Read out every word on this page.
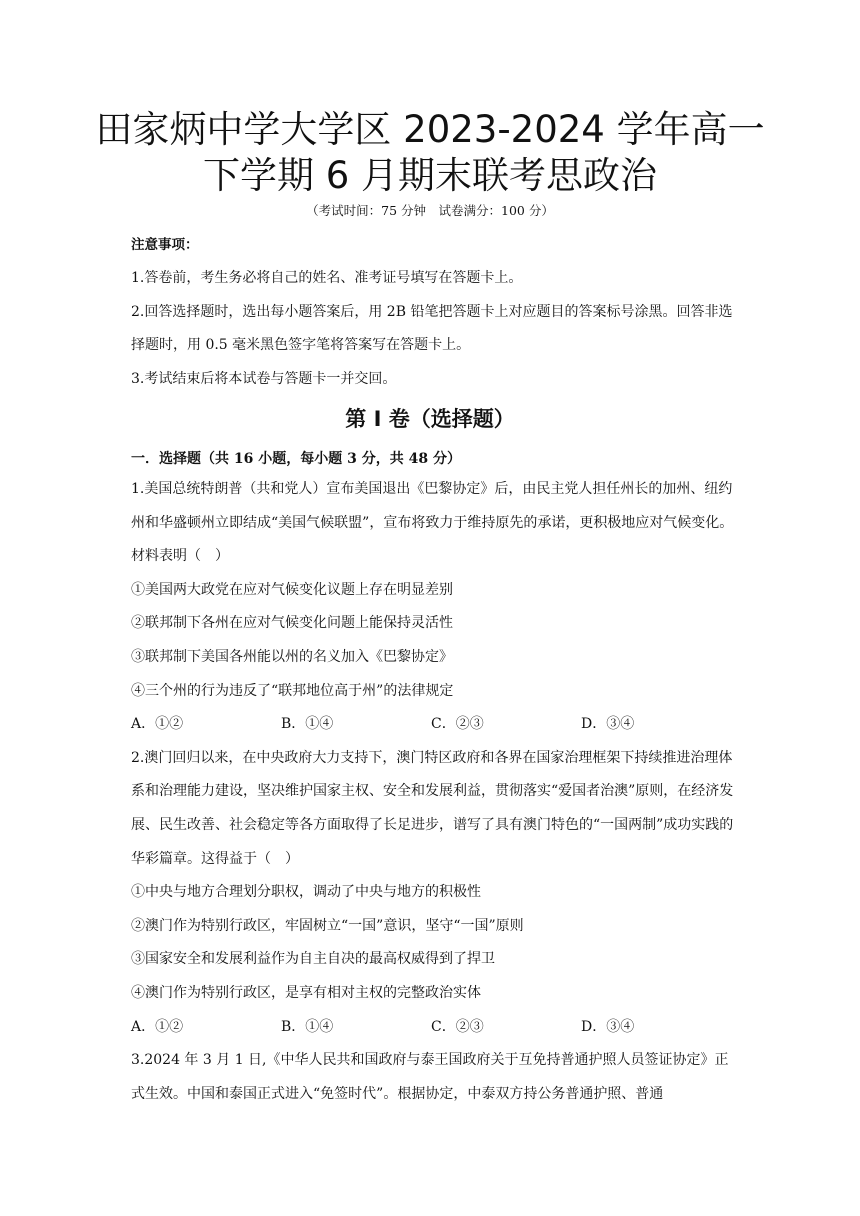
田家炳中学大学区 2023-2024 学年高一
下学期 6 月期末联考思政治
（考试时间：75 分钟　试卷满分：100 分）
注意事项：

1.答卷前，考生务必将自己的姓名、准考证号填写在答题卡上。

2.回答选择题时，选出每小题答案后，用 2B 铅笔把答题卡上对应题目的答案标号涂黑。回答非选择题时，用 0.5 毫米黑色签字笔将答案写在答题卡上。

3.考试结束后将本试卷与答题卡一并交回。

第 I 卷（选择题）
一．选择题（共 16 小题，每小题 3 分，共 48 分）

1.美国总统特朗普（共和党人）宣布美国退出《巴黎协定》后，由民主党人担任州长的加州、纽约州和华盛顿州立即结成“美国气候联盟”，宣布将致力于维持原先的承诺，更积极地应对气候变化。材料表明（　）

①美国两大政党在应对气候变化议题上存在明显差别

②联邦制下各州在应对气候变化问题上能保持灵活性

③联邦制下美国各州能以州的名义加入《巴黎协定》

④三个州的行为违反了“联邦地位高于州”的法律规定

A．①②	B．①④	C．②③	D．③④

2.澳门回归以来，在中央政府大力支持下，澳门特区政府和各界在国家治理框架下持续推进治理体系和治理能力建设，坚决维护国家主权、安全和发展利益，贯彻落实“爱国者治澳”原则，在经济发展、民生改善、社会稳定等各方面取得了长足进步，谱写了具有澳门特色的“一国两制”成功实践的华彩篇章。这得益于（　）

①中央与地方合理划分职权，调动了中央与地方的积极性

②澳门作为特别行政区，牢固树立“一国”意识，坚守“一国”原则

③国家安全和发展利益作为自主自决的最高权威得到了捍卫

④澳门作为特别行政区，是享有相对主权的完整政治实体

A．①②	B．①④	C．②③	D．③④

3.2024 年 3 月 1 日,《中华人民共和国政府与泰王国政府关于互免持普通护照人员签证协定》正式生效。中国和泰国正式进入“免签时代”。根据协定，中泰双方持公务普通护照、普通
